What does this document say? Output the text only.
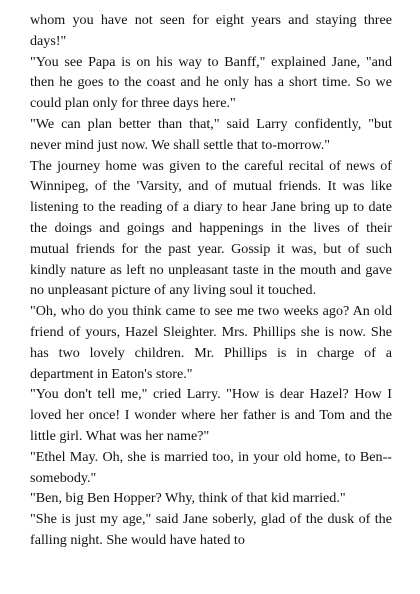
whom you have not seen for eight years and staying three days!"

"You see Papa is on his way to Banff," explained Jane, "and then he goes to the coast and he only has a short time. So we could plan only for three days here."

"We can plan better than that," said Larry confidently, "but never mind just now. We shall settle that to-morrow."

The journey home was given to the careful recital of news of Winnipeg, of the 'Varsity, and of mutual friends. It was like listening to the reading of a diary to hear Jane bring up to date the doings and goings and happenings in the lives of their mutual friends for the past year. Gossip it was, but of such kindly nature as left no unpleasant taste in the mouth and gave no unpleasant picture of any living soul it touched.

"Oh, who do you think came to see me two weeks ago? An old friend of yours, Hazel Sleighter. Mrs. Phillips she is now. She has two lovely children. Mr. Phillips is in charge of a department in Eaton's store."

"You don't tell me," cried Larry. "How is dear Hazel? How I loved her once! I wonder where her father is and Tom and the little girl. What was her name?"

"Ethel May. Oh, she is married too, in your old home, to Ben--somebody."

"Ben, big Ben Hopper? Why, think of that kid married."

"She is just my age," said Jane soberly, glad of the dusk of the falling night. She would have hated to
